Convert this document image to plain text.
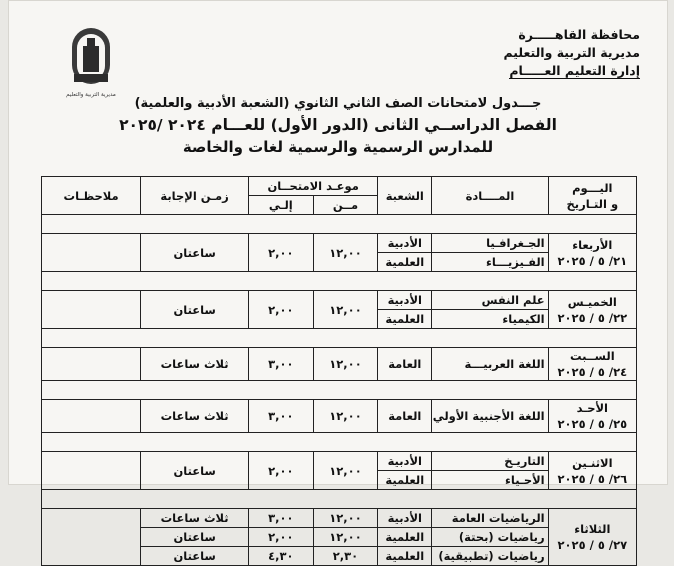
مديرية التربية والتعليم
محافظة القاهـــــرة
مديرية التربية والتعليم
إدارة التعليم العـــــام
جـــدول لامتحانات الصف الثاني الثانوي (الشعبة الأدبية والعلمية)
الفصل الدراســي الثانى (الدور الأول) للعـــام ٢٠٢٤ /٢٠٢٥
للمدارس الرسمية والرسمية لغات والخاصة
اليـــوم
و التـاريخ	المــــادة	الشعبة	موعـد الامتحــان		زمـن الإجابة	ملاحظـات
			مــن	إلـي		

الأربعاء
٢١/ ٥ / ٢٠٢٥	الجـغرافـيا	الأدبية	١٢,٠٠	٢,٠٠	ساعتان	
	الفـيزيـــاء	العلمية				

الخميـس
٢٢/ ٥ / ٢٠٢٥	علم النفس	الأدبية	١٢,٠٠	٢,٠٠	ساعتان	
	الكيمياء	العلمية				

الســبت
٢٤/ ٥ / ٢٠٢٥	اللغة العربيـــة	العامة	١٢,٠٠	٣,٠٠	ثلاث ساعات	

الأحـد
٢٥/ ٥ / ٢٠٢٥	اللغة الأجنبية الأولي	العامة	١٢,٠٠	٣,٠٠	ثلاث ساعات	

الاثنـين
٢٦/ ٥ / ٢٠٢٥	التاريـخ	الأدبية	١٢,٠٠	٢,٠٠	ساعتان	
	الأحـياء	العلمية				

الثلاثاء
٢٧/ ٥ / ٢٠٢٥	الرياضيات العامة	الأدبية	١٢,٠٠	٣,٠٠	ثلاث ساعات	
	رياضيات (بحتة)	العلمية	١٢,٠٠	٢,٠٠	ساعتان	
	رياضيات (تطبيقية)	العلمية	٢,٣٠	٤,٣٠	ساعتان	
